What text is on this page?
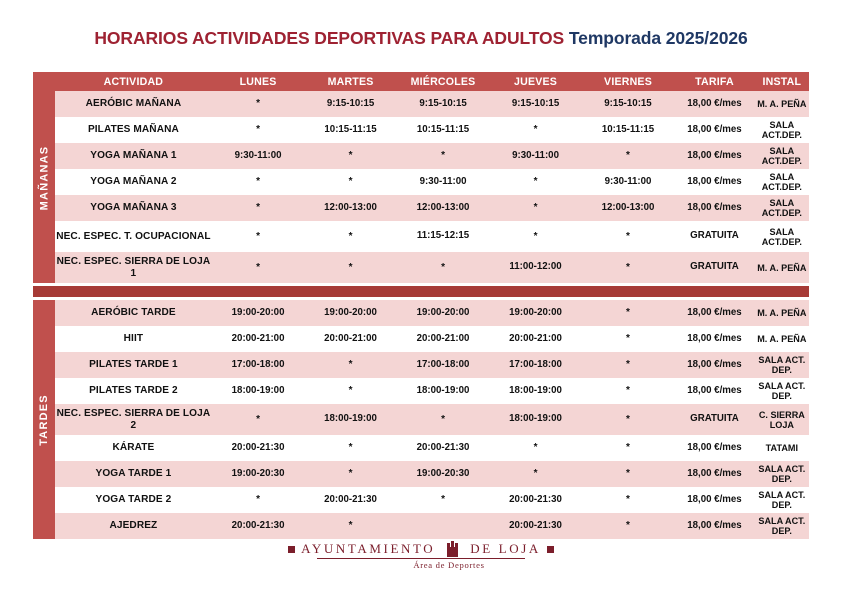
HORARIOS ACTIVIDADES DEPORTIVAS PARA ADULTOS Temporada 2025/2026
MAÑANAS
ACTIVIDAD	LUNES	MARTES	MIÉRCOLES	JUEVES	VIERNES	TARIFA	INSTAL
AERÓBIC MAÑANA	*	9:15-10:15	9:15-10:15	9:15-10:15	9:15-10:15	18,00 €/mes	M. A. PEÑA
PILATES MAÑANA	*	10:15-11:15	10:15-11:15	*	10:15-11:15	18,00 €/mes	SALA ACT.DEP.
YOGA MAÑANA 1	9:30-11:00	*	*	9:30-11:00	*	18,00 €/mes	SALA ACT.DEP.
YOGA MAÑANA 2	*	*	9:30-11:00	*	9:30-11:00	18,00 €/mes	SALA ACT.DEP.
YOGA MAÑANA 3	*	12:00-13:00	12:00-13:00	*	12:00-13:00	18,00 €/mes	SALA ACT.DEP.
NEC. ESPEC. T. OCUPACIONAL	*	*	11:15-12:15	*	*	GRATUITA	SALA ACT.DEP.
NEC. ESPEC. SIERRA DE LOJA 1	*	*	*	11:00-12:00	*	GRATUITA	M. A. PEÑA
TARDES
AERÓBIC TARDE	19:00-20:00	19:00-20:00	19:00-20:00	19:00-20:00	*	18,00 €/mes	M. A. PEÑA
HIIT	20:00-21:00	20:00-21:00	20:00-21:00	20:00-21:00	*	18,00 €/mes	M. A. PEÑA
PILATES TARDE 1	17:00-18:00	*	17:00-18:00	17:00-18:00	*	18,00 €/mes	SALA ACT. DEP.
PILATES TARDE 2	18:00-19:00	*	18:00-19:00	18:00-19:00	*	18,00 €/mes	SALA ACT. DEP.
NEC. ESPEC. SIERRA DE LOJA 2	*	18:00-19:00	*	18:00-19:00	*	GRATUITA	C. SIERRA LOJA
KÁRATE	20:00-21:30	*	20:00-21:30	*	*	18,00 €/mes	TATAMI
YOGA TARDE 1	19:00-20:30	*	19:00-20:30	*	*	18,00 €/mes	SALA ACT. DEP.
YOGA TARDE 2	*	20:00-21:30	*	20:00-21:30	*	18,00 €/mes	SALA ACT. DEP.
AJEDREZ	20:00-21:30	*		20:00-21:30	*	18,00 €/mes	SALA ACT. DEP.
AYUNTAMIENTO	DE LOJA
Área de Deportes
